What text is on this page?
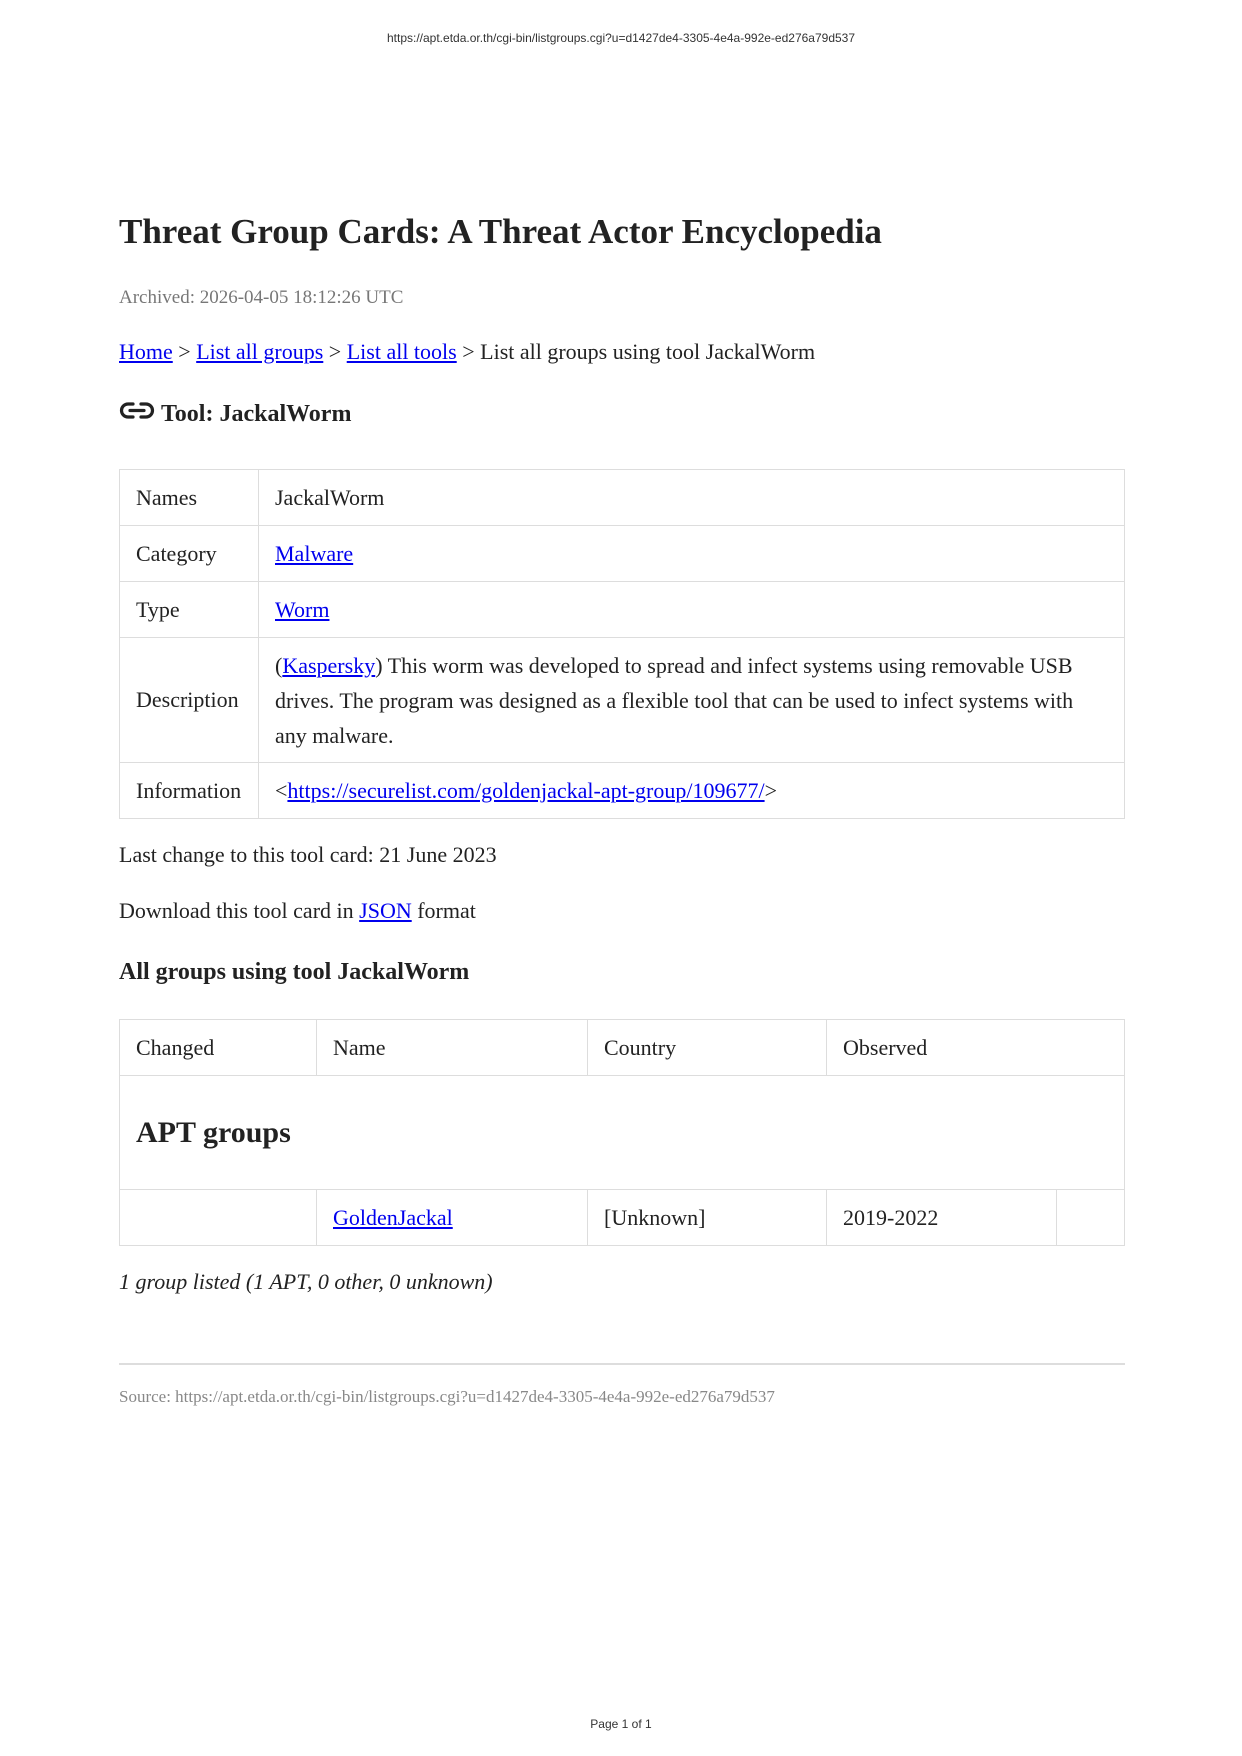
https://apt.etda.or.th/cgi-bin/listgroups.cgi?u=d1427de4-3305-4e4a-992e-ed276a79d537
Threat Group Cards: A Threat Actor Encyclopedia
Archived: 2026-04-05 18:12:26 UTC
Home > List all groups > List all tools > List all groups using tool JackalWorm
Tool: JackalWorm
Names	JackalWorm
Category	Malware
Type	Worm
Description	(Kaspersky) This worm was developed to spread and infect systems using removable USB drives. The program was designed as a flexible tool that can be used to infect systems with any malware.
Information	<https://securelist.com/goldenjackal-apt-group/109677/>
Last change to this tool card: 21 June 2023
Download this tool card in JSON format
All groups using tool JackalWorm
Changed	Name	Country	Observed	
APT groups				
	GoldenJackal	[Unknown]	2019-2022	
1 group listed (1 APT, 0 other, 0 unknown)
Source: https://apt.etda.or.th/cgi-bin/listgroups.cgi?u=d1427de4-3305-4e4a-992e-ed276a79d537
Page 1 of 1
